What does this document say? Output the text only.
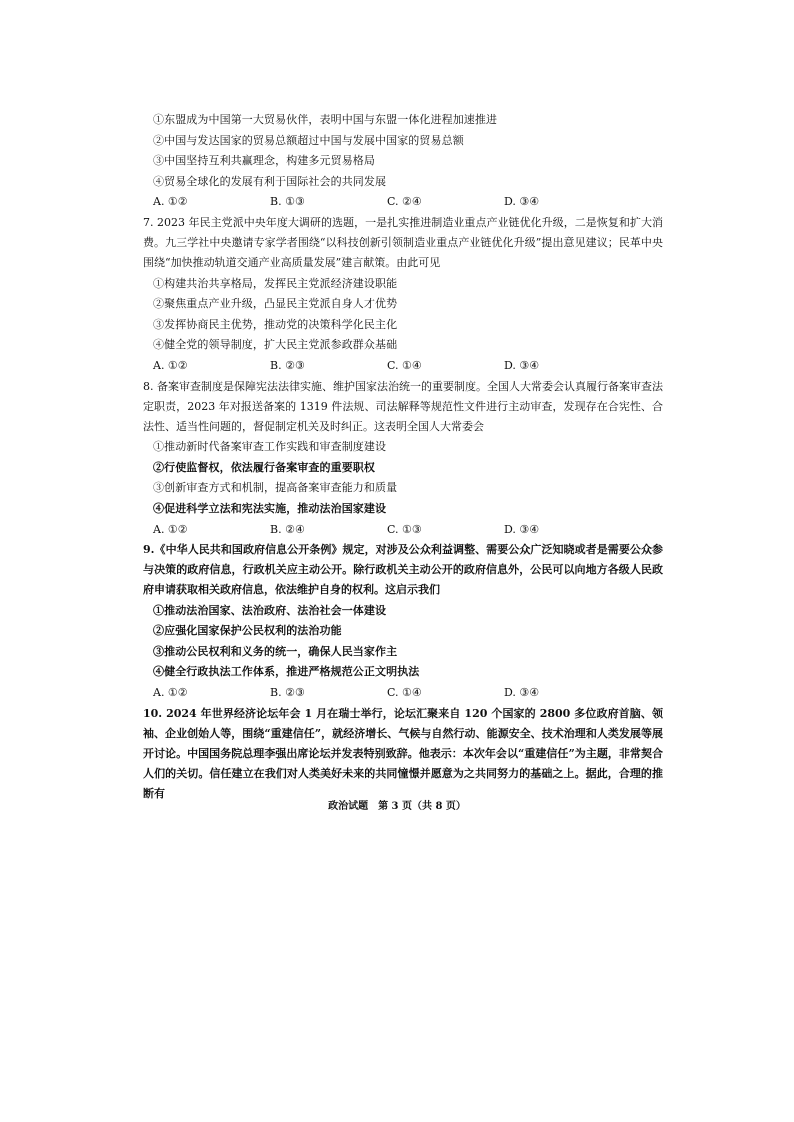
①东盟成为中国第一大贸易伙伴，表明中国与东盟一体化进程加速推进
②中国与发达国家的贸易总额超过中国与发展中国家的贸易总额
③中国坚持互利共赢理念，构建多元贸易格局
④贸易全球化的发展有利于国际社会的共同发展
A. ①②	B. ①③	C. ②④	D. ③④
7. 2023 年民主党派中央年度大调研的选题，一是扎实推进制造业重点产业链优化升级，二是恢复和扩大消费。九三学社中央邀请专家学者围绕“以科技创新引领制造业重点产业链优化升级”提出意见建议；民革中央围绕“加快推动轨道交通产业高质量发展”建言献策。由此可见
①构建共治共享格局，发挥民主党派经济建设职能
②聚焦重点产业升级，凸显民主党派自身人才优势
③发挥协商民主优势，推动党的决策科学化民主化
④健全党的领导制度，扩大民主党派参政群众基础
A. ①②	B. ②③	C. ①④	D. ③④
8. 备案审查制度是保障宪法法律实施、维护国家法治统一的重要制度。全国人大常委会认真履行备案审查法定职责，2023 年对报送备案的 1319 件法规、司法解释等规范性文件进行主动审查，发现存在合宪性、合法性、适当性问题的，督促制定机关及时纠正。这表明全国人大常委会
①推动新时代备案审查工作实践和审查制度建设
②行使监督权，依法履行备案审查的重要职权
③创新审查方式和机制，提高备案审查能力和质量
④促进科学立法和宪法实施，推动法治国家建设
A. ①②	B. ②④	C. ①③	D. ③④
9.《中华人民共和国政府信息公开条例》规定，对涉及公众利益调整、需要公众广泛知晓或者是需要公众参与决策的政府信息，行政机关应主动公开。除行政机关主动公开的政府信息外，公民可以向地方各级人民政府申请获取相关政府信息，依法维护自身的权利。这启示我们
①推动法治国家、法治政府、法治社会一体建设
②应强化国家保护公民权利的法治功能
③推动公民权利和义务的统一，确保人民当家作主
④健全行政执法工作体系，推进严格规范公正文明执法
A. ①②	B. ②③	C. ①④	D. ③④
10. 2024 年世界经济论坛年会 1 月在瑞士举行，论坛汇聚来自 120 个国家的 2800 多位政府首脑、领袖、企业创始人等，围绕“重建信任”，就经济增长、气候与自然行动、能源安全、技术治理和人类发展等展开讨论。中国国务院总理李强出席论坛并发表特别致辞。他表示：本次年会以“重建信任”为主题，非常契合人们的关切。信任建立在我们对人类美好未来的共同憧憬并愿意为之共同努力的基础之上。据此，合理的推断有
政治试题　第 3 页（共 8 页）
